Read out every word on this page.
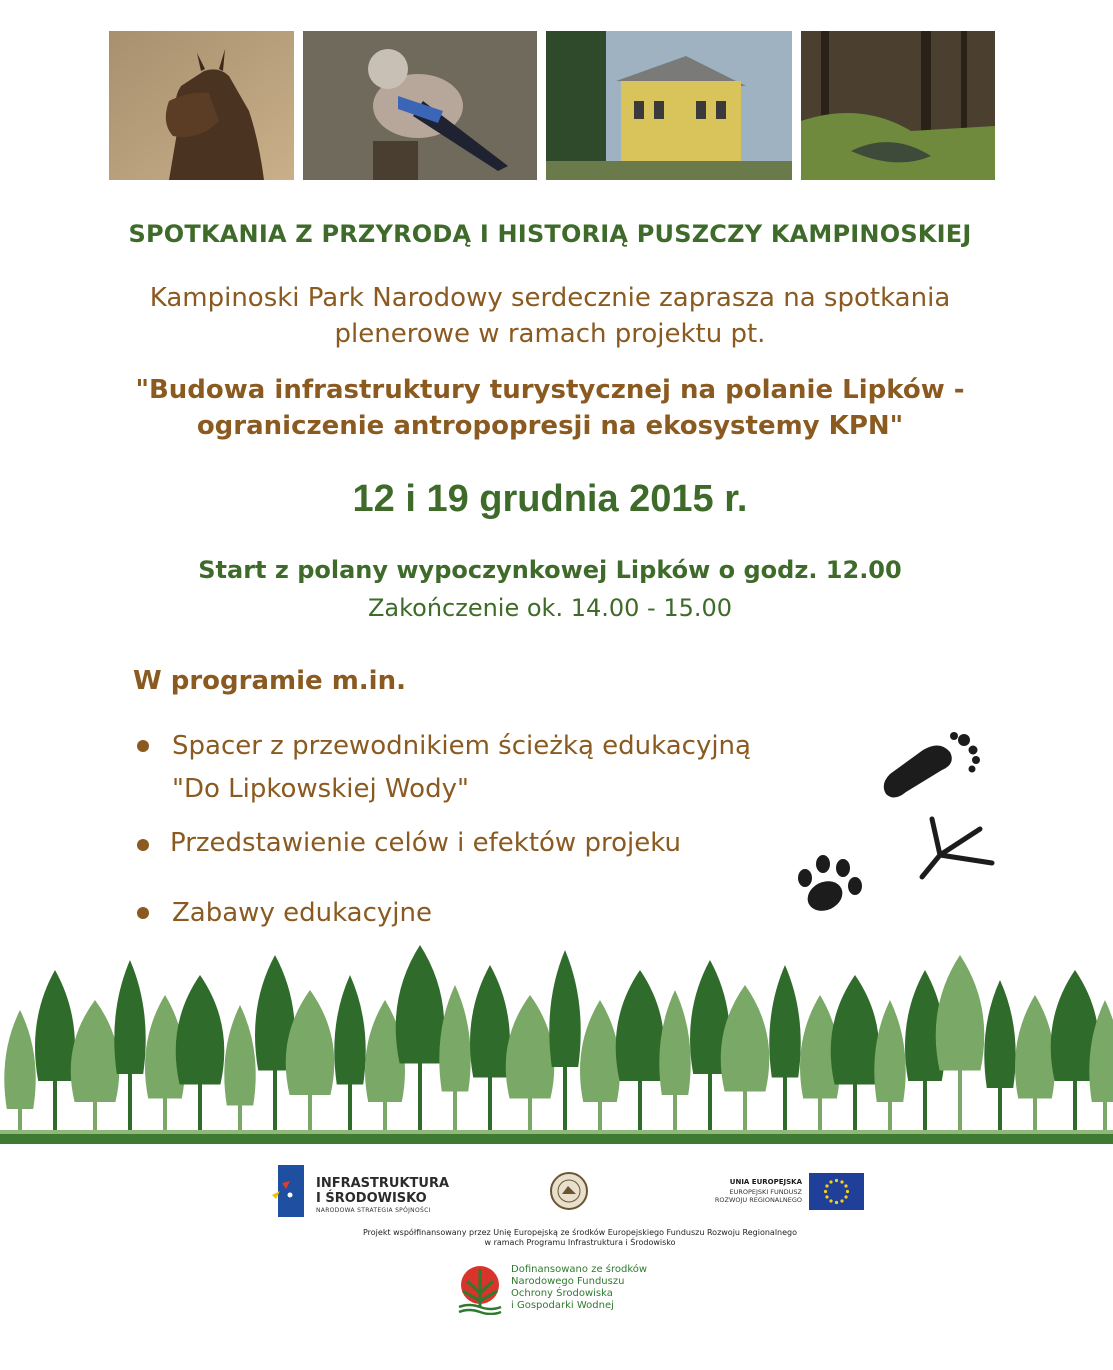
SPOTKANIA Z PRZYRODĄ I HISTORIĄ PUSZCZY KAMPINOSKIEJ
Kampinoski Park Narodowy serdecznie zaprasza na spotkania
plenerowe w ramach projektu pt.
"Budowa infrastruktury turystycznej na polanie Lipków -
ograniczenie antropopresji na ekosystemy KPN"
12 i 19 grudnia 2015 r.
Start z polany wypoczynkowej Lipków o godz. 12.00
Zakończenie ok. 14.00 - 15.00
W programie m.in.
Spacer z przewodnikiem ścieżką edukacyjną
"Do Lipkowskiej Wody"
Przedstawienie celów i efektów projeku
Zabawy edukacyjne
INFRASTRUKTURA
I ŚRODOWISKO
NARODOWA STRATEGIA SPÓJNOŚCI
UNIA EUROPEJSKA
EUROPEJSKI FUNDUSZ
ROZWOJU REGIONALNEGO
Projekt współfinansowany przez Unię Europejską ze środków Europejskiego Funduszu Rozwoju Regionalnego
w ramach Programu Infrastruktura i Środowisko
Dofinansowano ze środków
Narodowego Funduszu
Ochrony Środowiska
i Gospodarki Wodnej
